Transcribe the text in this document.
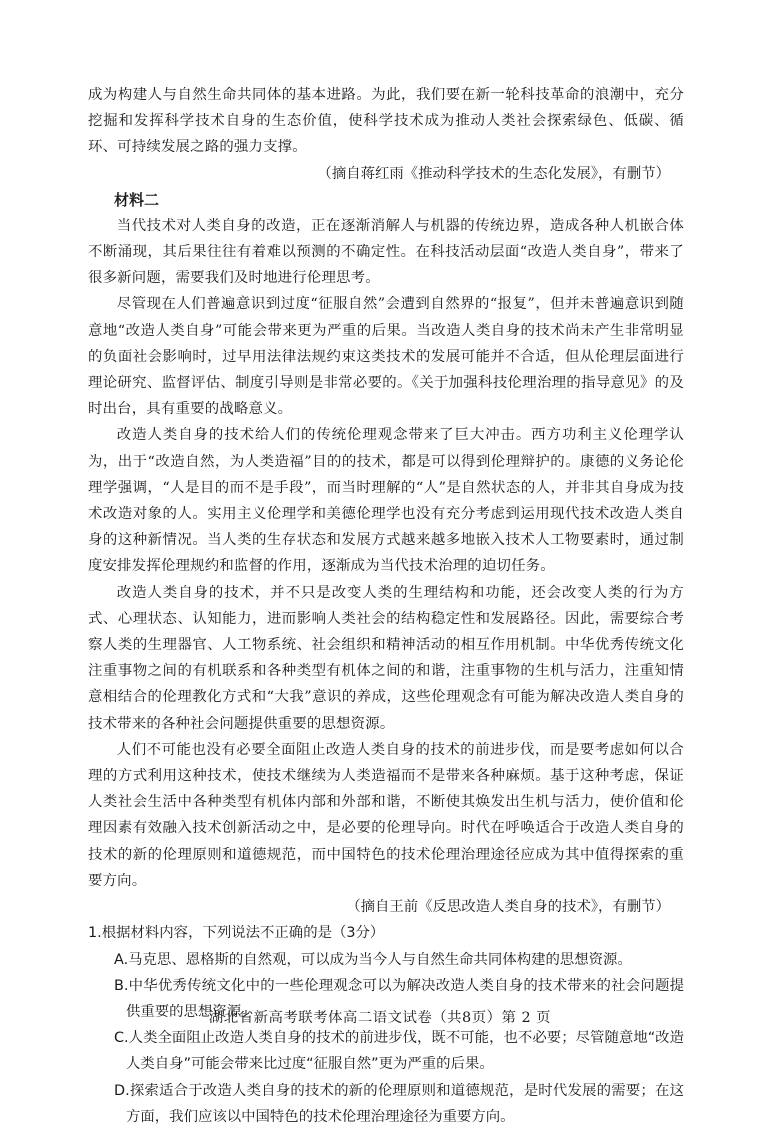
成为构建人与自然生命共同体的基本进路。为此，我们要在新一轮科技革命的浪潮中，充分挖掘和发挥科学技术自身的生态价值，使科学技术成为推动人类社会探索绿色、低碳、循环、可持续发展之路的强力支撑。

（摘自蒋红雨《推动科学技术的生态化发展》，有删节）

材料二

当代技术对人类自身的改造，正在逐渐消解人与机器的传统边界，造成各种人机嵌合体不断涌现，其后果往往有着难以预测的不确定性。在科技活动层面“改造人类自身”，带来了很多新问题，需要我们及时地进行伦理思考。

尽管现在人们普遍意识到过度“征服自然”会遭到自然界的“报复”，但并未普遍意识到随意地“改造人类自身”可能会带来更为严重的后果。当改造人类自身的技术尚未产生非常明显的负面社会影响时，过早用法律法规约束这类技术的发展可能并不合适，但从伦理层面进行理论研究、监督评估、制度引导则是非常必要的。《关于加强科技伦理治理的指导意见》的及时出台，具有重要的战略意义。

改造人类自身的技术给人们的传统伦理观念带来了巨大冲击。西方功利主义伦理学认为，出于“改造自然，为人类造福”目的的技术，都是可以得到伦理辩护的。康德的义务论伦理学强调，“人是目的而不是手段”，而当时理解的“人”是自然状态的人，并非其自身成为技术改造对象的人。实用主义伦理学和美德伦理学也没有充分考虑到运用现代技术改造人类自身的这种新情况。当人类的生存状态和发展方式越来越多地嵌入技术人工物要素时，通过制度安排发挥伦理规约和监督的作用，逐渐成为当代技术治理的迫切任务。

改造人类自身的技术，并不只是改变人类的生理结构和功能，还会改变人类的行为方式、心理状态、认知能力，进而影响人类社会的结构稳定性和发展路径。因此，需要综合考察人类的生理器官、人工物系统、社会组织和精神活动的相互作用机制。中华优秀传统文化注重事物之间的有机联系和各种类型有机体之间的和谐，注重事物的生机与活力，注重知情意相结合的伦理教化方式和“大我”意识的养成，这些伦理观念有可能为解决改造人类自身的技术带来的各种社会问题提供重要的思想资源。

人们不可能也没有必要全面阻止改造人类自身的技术的前进步伐，而是要考虑如何以合理的方式利用这种技术，使技术继续为人类造福而不是带来各种麻烦。基于这种考虑，保证人类社会生活中各种类型有机体内部和外部和谐，不断使其焕发出生机与活力，使价值和伦理因素有效融入技术创新活动之中，是必要的伦理导向。时代在呼唤适合于改造人类自身的技术的新的伦理原则和道德规范，而中国特色的技术伦理治理途径应成为其中值得探索的重要方向。

（摘自王前《反思改造人类自身的技术》，有删节）

1.根据材料内容，下列说法不正确的是（3分）

A.马克思、恩格斯的自然观，可以成为当今人与自然生命共同体构建的思想资源。
B.中华优秀传统文化中的一些伦理观念可以为解决改造人类自身的技术带来的社会问题提供重要的思想资源。
C.人类全面阻止改造人类自身的技术的前进步伐，既不可能，也不必要；尽管随意地“改造人类自身”可能会带来比过度“征服自然”更为严重的后果。
D.探索适合于改造人类自身的技术的新的伦理原则和道德规范，是时代发展的需要；在这方面，我们应该以中国特色的技术伦理治理途径为重要方向。
湖北省新高考联考体高二语文试卷（共8页）第 2 页
